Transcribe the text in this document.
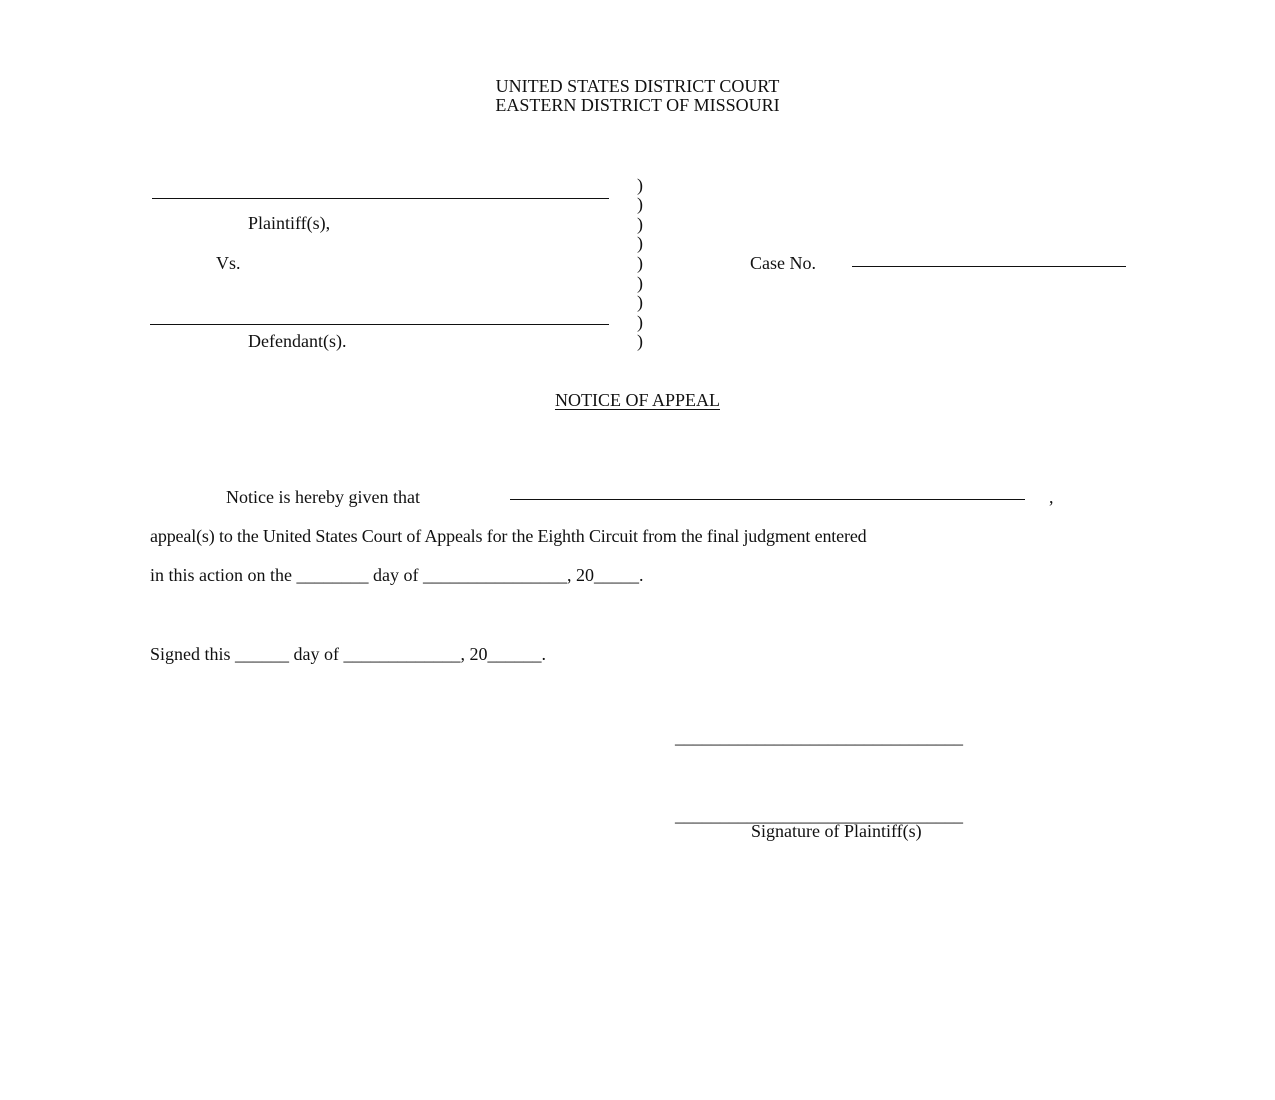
UNITED STATES DISTRICT COURT
EASTERN DISTRICT OF MISSOURI
Plaintiff(s),
Vs.
Defendant(s).
)
)
)
)
)
)
)
)
)
Case No.
NOTICE OF APPEAL
Notice is hereby given that	,
appeal(s) to the United States Court of Appeals for the Eighth Circuit from the final judgment entered
in this action on the ________ day of ________________, 20_____.
Signed this ______ day of _____________, 20______.
________________________________
________________________________
Signature of Plaintiff(s)
